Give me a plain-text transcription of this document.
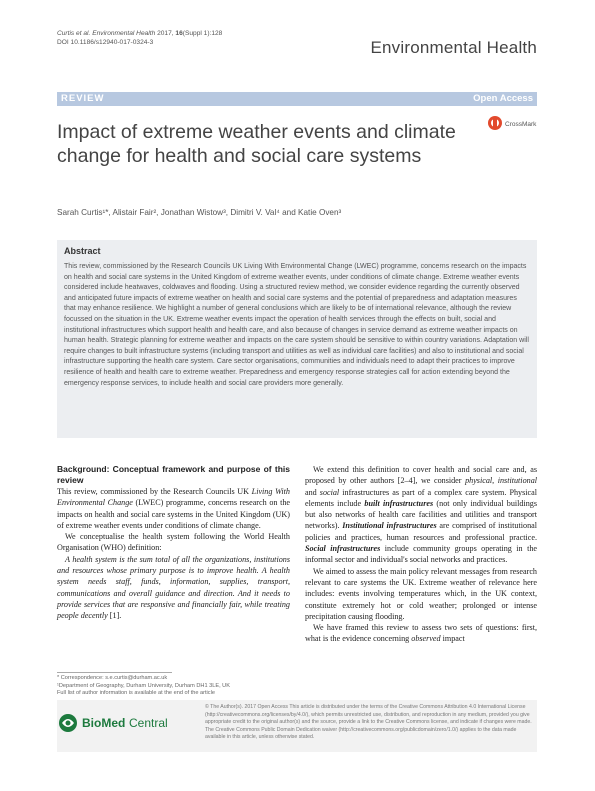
Curtis et al. Environmental Health 2017, 16(Suppl 1):128
DOI 10.1186/s12940-017-0324-3	Environmental Health
REVIEW	Open Access
Impact of extreme weather events and climate change for health and social care systems
CrossMark
Sarah Curtis¹*, Alistair Fair², Jonathan Wistow³, Dimitri V. Val⁴ and Katie Oven³
Abstract
This review, commissioned by the Research Councils UK Living With Environmental Change (LWEC) programme, concerns research on the impacts on health and social care systems in the United Kingdom of extreme weather events, under conditions of climate change. Extreme weather events considered include heatwaves, coldwaves and flooding. Using a structured review method, we consider evidence regarding the currently observed and anticipated future impacts of extreme weather on health and social care systems and the potential of preparedness and adaptation measures that may enhance resilience. We highlight a number of general conclusions which are likely to be of international relevance, although the review focussed on the situation in the UK. Extreme weather events impact the operation of health services through the effects on built, social and institutional infrastructures which support health and health care, and also because of changes in service demand as extreme weather impacts on human health. Strategic planning for extreme weather and impacts on the care system should be sensitive to within country variations. Adaptation will require changes to built infrastructure systems (including transport and utilities as well as individual care facilities) and also to institutional and social infrastructure supporting the health care system. Care sector organisations, communities and individuals need to adapt their practices to improve resilience of health and health care to extreme weather. Preparedness and emergency response strategies call for action extending beyond the emergency response services, to include health and social care providers more generally.
Background: Conceptual framework and purpose of this review

This review, commissioned by the Research Councils UK Living With Environmental Change (LWEC) programme, concerns research on the impacts on health and social care systems in the United Kingdom (UK) of extreme weather events under conditions of climate change.

We conceptualise the health system following the World Health Organisation (WHO) definition:

A health system is the sum total of all the organizations, institutions and resources whose primary purpose is to improve health. A health system needs staff, funds, information, supplies, transport, communications and overall guidance and direction. And it needs to provide services that are responsive and financially fair, while treating people decently [1].

* Correspondence: s.e.curtis@durham.ac.uk
¹Department of Geography, Durham University, Durham DH1 3LE, UK
Full list of author information is available at the end of the article

We extend this definition to cover health and social care and, as proposed by other authors [2–4], we consider physical, institutional and social infrastructures as part of a complex care system. Physical elements include built infrastructures (not only individual buildings but also networks of health care facilities and utilities and transport networks). Institutional infrastructures are comprised of institutional policies and practices, human resources and professional practice. Social infrastructures include community groups operating in the informal sector and individual's social networks and practices.

We aimed to assess the main policy relevant messages from research relevant to care systems the UK. Extreme weather of relevance here includes: events involving temperatures which, in the UK context, constitute extremely hot or cold weather; prolonged or intense precipitation causing flooding.

We have framed this review to assess two sets of questions: first, what is the evidence concerning observed impact

BioMed Central
© The Author(s). 2017 Open Access This article is distributed under the terms of the Creative Commons Attribution 4.0 International License (http://creativecommons.org/licenses/by/4.0/), which permits unrestricted use, distribution, and reproduction in any medium, provided you give appropriate credit to the original author(s) and the source, provide a link to the Creative Commons license, and indicate if changes were made. The Creative Commons Public Domain Dedication waiver (http://creativecommons.org/publicdomain/zero/1.0/) applies to the data made available in this article, unless otherwise stated.
